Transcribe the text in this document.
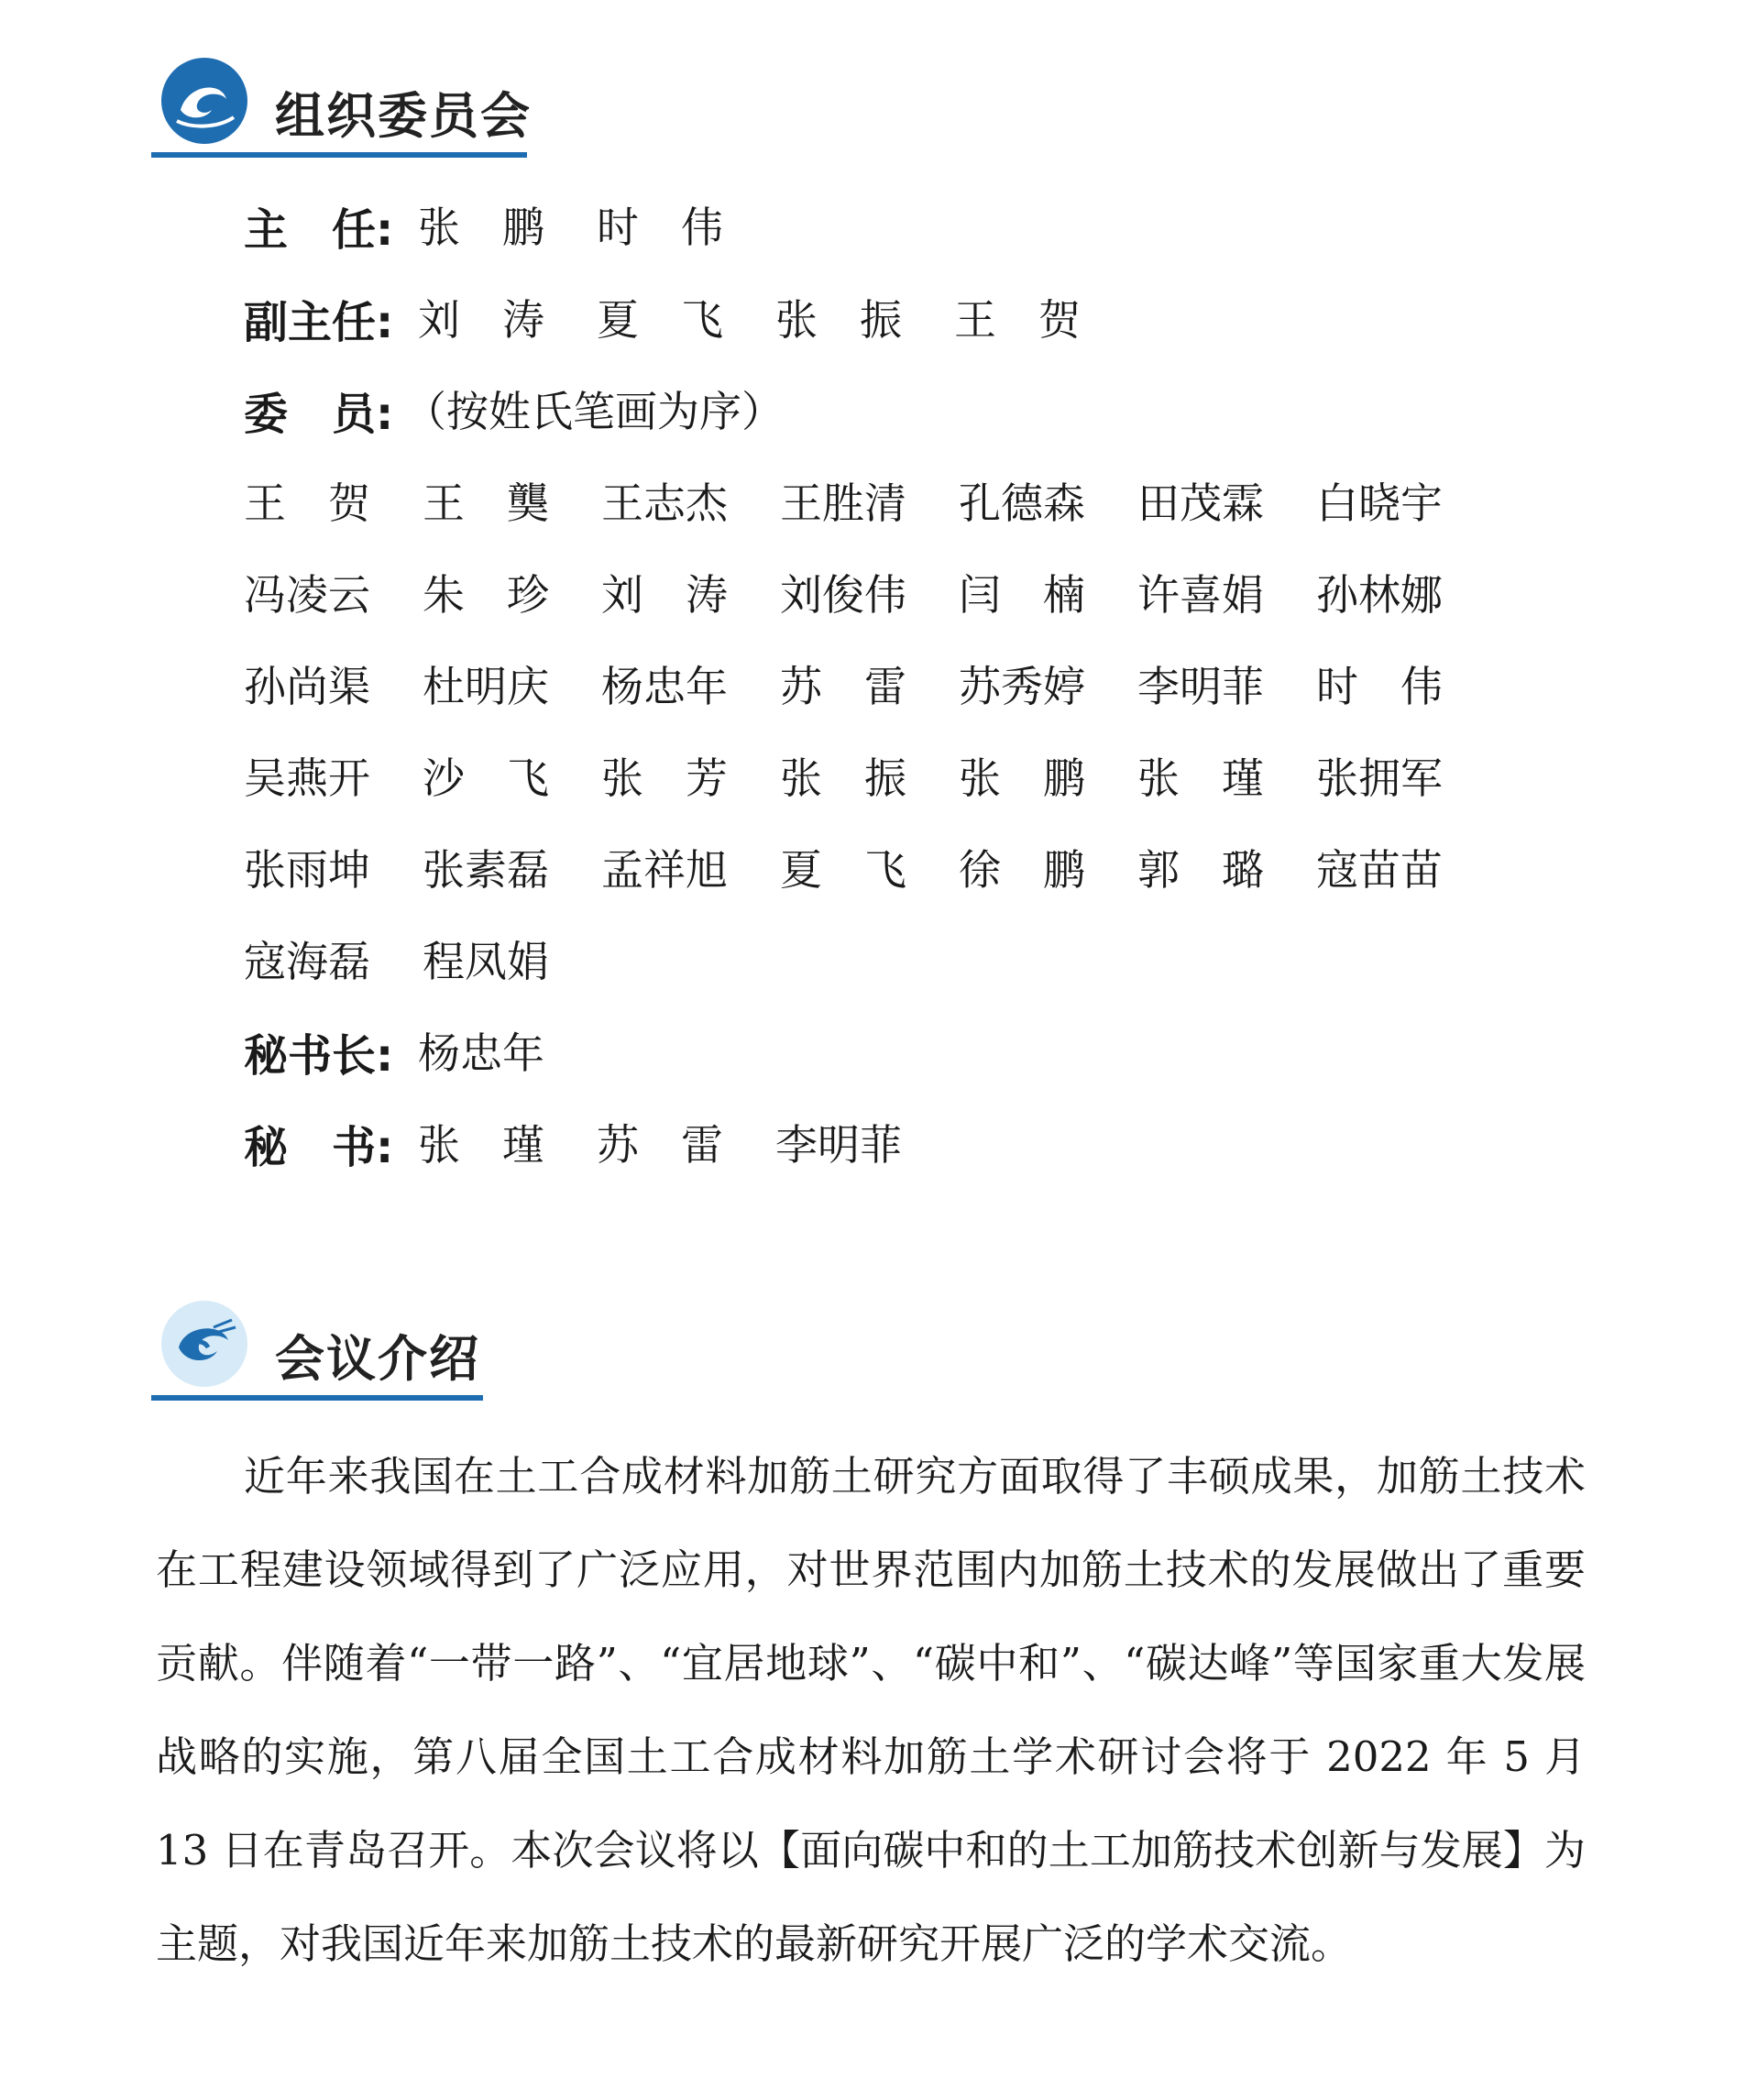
组织委员会
主　任: 张　鹏 时　伟
副主任: 刘　涛 夏　飞 张　振 王　贺
委　员: （按姓氏笔画为序）
王　贺 王　龑 王志杰 王胜清 孔德森 田茂霖 白晓宇
冯凌云 朱　珍 刘　涛 刘俊伟 闫　楠 许喜娟 孙林娜
孙尚渠 杜明庆 杨忠年 苏　雷 苏秀婷 李明菲 时　伟
吴燕开 沙　飞 张　芳 张　振 张　鹏 张　瑾 张拥军
张雨坤 张素磊 孟祥旭 夏　飞 徐　鹏 郭　璐 寇苗苗
寇海磊 程凤娟
秘书长: 杨忠年
秘　书: 张　瑾 苏　雷 李明菲
会议介绍

近年来我国在土工合成材料加筋土研究方面取得了丰硕成果，加筋土技术在工程建设领域得到了广泛应用，对世界范围内加筋土技术的发展做出了重要贡献。伴随着“一带一路”、“宜居地球”、“碳中和”、“碳达峰”等国家重大发展战略的实施，第八届全国土工合成材料加筋土学术研讨会将于 2022 年 5 月 13 日在青岛召开。本次会议将以【面向碳中和的土工加筋技术创新与发展】为主题，对我国近年来加筋土技术的最新研究开展广泛的学术交流。
